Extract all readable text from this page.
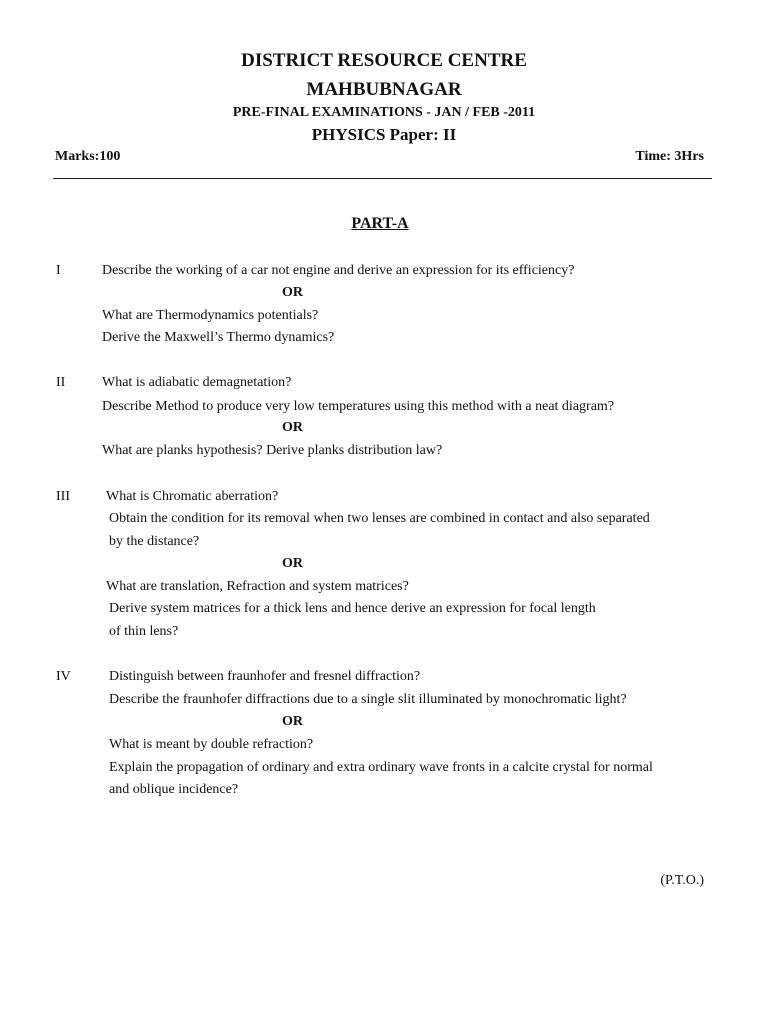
DISTRICT RESOURCE CENTRE
MAHBUBNAGAR
PRE-FINAL EXAMINATIONS - JAN / FEB -2011
PHYSICS Paper: II
Marks:100	Time: 3Hrs
PART-A
I	Describe the working of a car not engine and derive an expression for its efficiency?
OR
What are Thermodynamics potentials?
Derive the Maxwell’s Thermo dynamics?
II	What is adiabatic demagnetation?
Describe Method to produce very low temperatures using this method with a neat diagram?
OR
What are planks hypothesis? Derive planks distribution law?
III	What is Chromatic aberration?
Obtain the condition for its removal when two lenses are combined in contact and also separated
by the distance?
OR
What are translation, Refraction and system matrices?
Derive system matrices for a thick lens and hence derive an expression for focal length
of thin lens?
IV	Distinguish between fraunhofer and fresnel diffraction?
Describe the fraunhofer diffractions due to a single slit illuminated by monochromatic light?
OR
What is meant by double refraction?
Explain the propagation of ordinary and extra ordinary wave fronts in a calcite crystal for normal
and oblique incidence?
(P.T.O.)
